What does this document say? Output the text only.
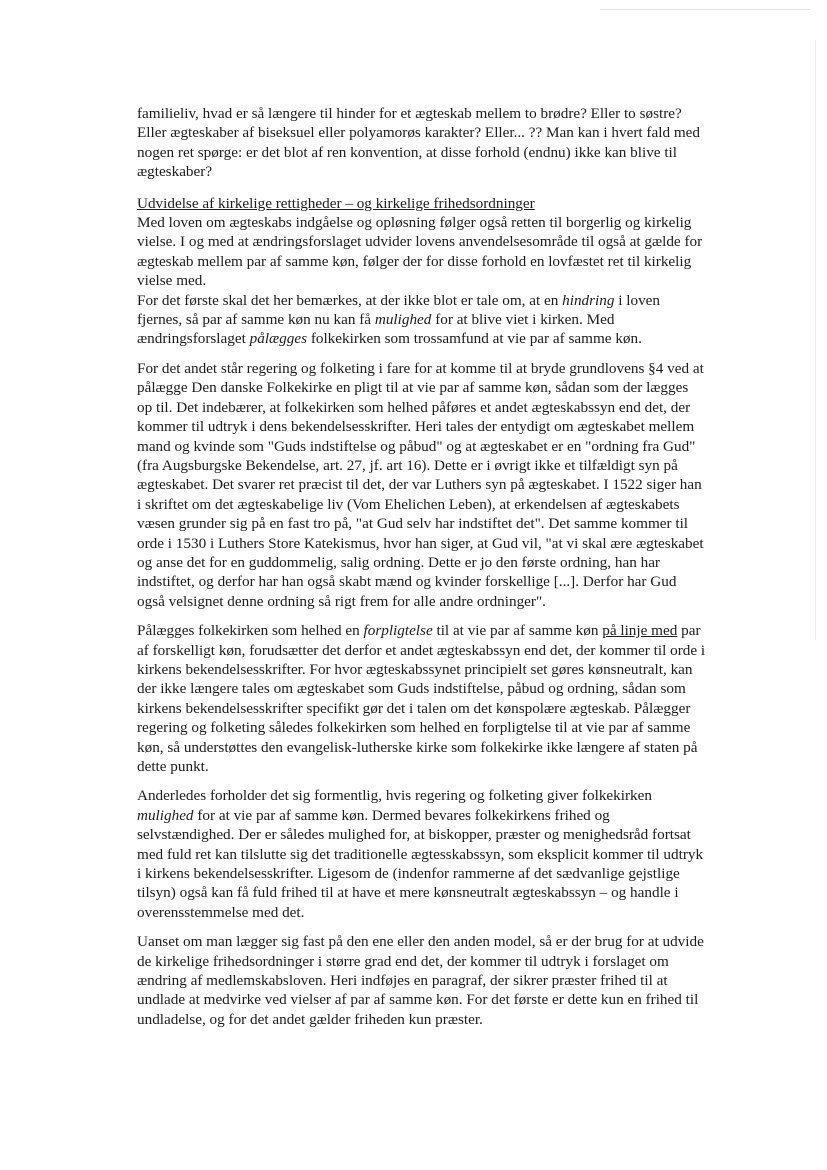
familieliv, hvad er så længere til hinder for et ægteskab mellem to brødre? Eller to søstre? Eller ægteskaber af biseksuel eller polyamorøs karakter? Eller... ?? Man kan i hvert fald med nogen ret spørge: er det blot af ren konvention, at disse forhold (endnu) ikke kan blive til ægteskaber?

Udvidelse af kirkelige rettigheder – og kirkelige frihedsordninger

Med loven om ægteskabs indgåelse og opløsning følger også retten til borgerlig og kirkelig vielse. I og med at ændringsforslaget udvider lovens anvendelsesområde til også at gælde for ægteskab mellem par af samme køn, følger der for disse forhold en lovfæstet ret til kirkelig vielse med.

For det første skal det her bemærkes, at der ikke blot er tale om, at en hindring i loven fjernes, så par af samme køn nu kan få mulighed for at blive viet i kirken. Med ændringsforslaget pålægges folkekirken som trossamfund at vie par af samme køn.

For det andet står regering og folketing i fare for at komme til at bryde grundlovens §4 ved at pålægge Den danske Folkekirke en pligt til at vie par af samme køn, sådan som der lægges op til. Det indebærer, at folkekirken som helhed påføres et andet ægteskabssyn end det, der kommer til udtryk i dens bekendelsesskrifter. Heri tales der entydigt om ægteskabet mellem mand og kvinde som "Guds indstiftelse og påbud" og at ægteskabet er en "ordning fra Gud" (fra Augsburgske Bekendelse, art. 27, jf. art 16). Dette er i øvrigt ikke et tilfældigt syn på ægteskabet. Det svarer ret præcist til det, der var Luthers syn på ægteskabet. I 1522 siger han i skriftet om det ægteskabelige liv (Vom Ehelichen Leben), at erkendelsen af ægteskabets væsen grunder sig på en fast tro på, "at Gud selv har indstiftet det". Det samme kommer til orde i 1530 i Luthers Store Katekismus, hvor han siger, at Gud vil, "at vi skal ære ægteskabet og anse det for en guddommelig, salig ordning. Dette er jo den første ordning, han har indstiftet, og derfor har han også skabt mænd og kvinder forskellige [...]. Derfor har Gud også velsignet denne ordning så rigt frem for alle andre ordninger".

Pålægges folkekirken som helhed en forpligtelse til at vie par af samme køn på linje med par af forskelligt køn, forudsætter det derfor et andet ægteskabssyn end det, der kommer til orde i kirkens bekendelsesskrifter. For hvor ægteskabssynet principielt set gøres kønsneutralt, kan der ikke længere tales om ægteskabet som Guds indstiftelse, påbud og ordning, sådan som kirkens bekendelsesskrifter specifikt gør det i talen om det kønspolære ægteskab. Pålægger regering og folketing således folkekirken som helhed en forpligtelse til at vie par af samme køn, så understøttes den evangelisk-lutherske kirke som folkekirke ikke længere af staten på dette punkt.

Anderledes forholder det sig formentlig, hvis regering og folketing giver folkekirken mulighed for at vie par af samme køn. Dermed bevares folkekirkens frihed og selvstændighed. Der er således mulighed for, at biskopper, præster og menighedsråd fortsat med fuld ret kan tilslutte sig det traditionelle ægtesskabssyn, som eksplicit kommer til udtryk i kirkens bekendelsesskrifter. Ligesom de (indenfor rammerne af det sædvanlige gejstlige tilsyn) også kan få fuld frihed til at have et mere kønsneutralt ægteskabssyn – og handle i overensstemmelse med det.

Uanset om man lægger sig fast på den ene eller den anden model, så er der brug for at udvide de kirkelige frihedsordninger i større grad end det, der kommer til udtryk i forslaget om ændring af medlemskabsloven. Heri indføjes en paragraf, der sikrer præster frihed til at undlade at medvirke ved vielser af par af samme køn. For det første er dette kun en frihed til undladelse, og for det andet gælder friheden kun præster.
